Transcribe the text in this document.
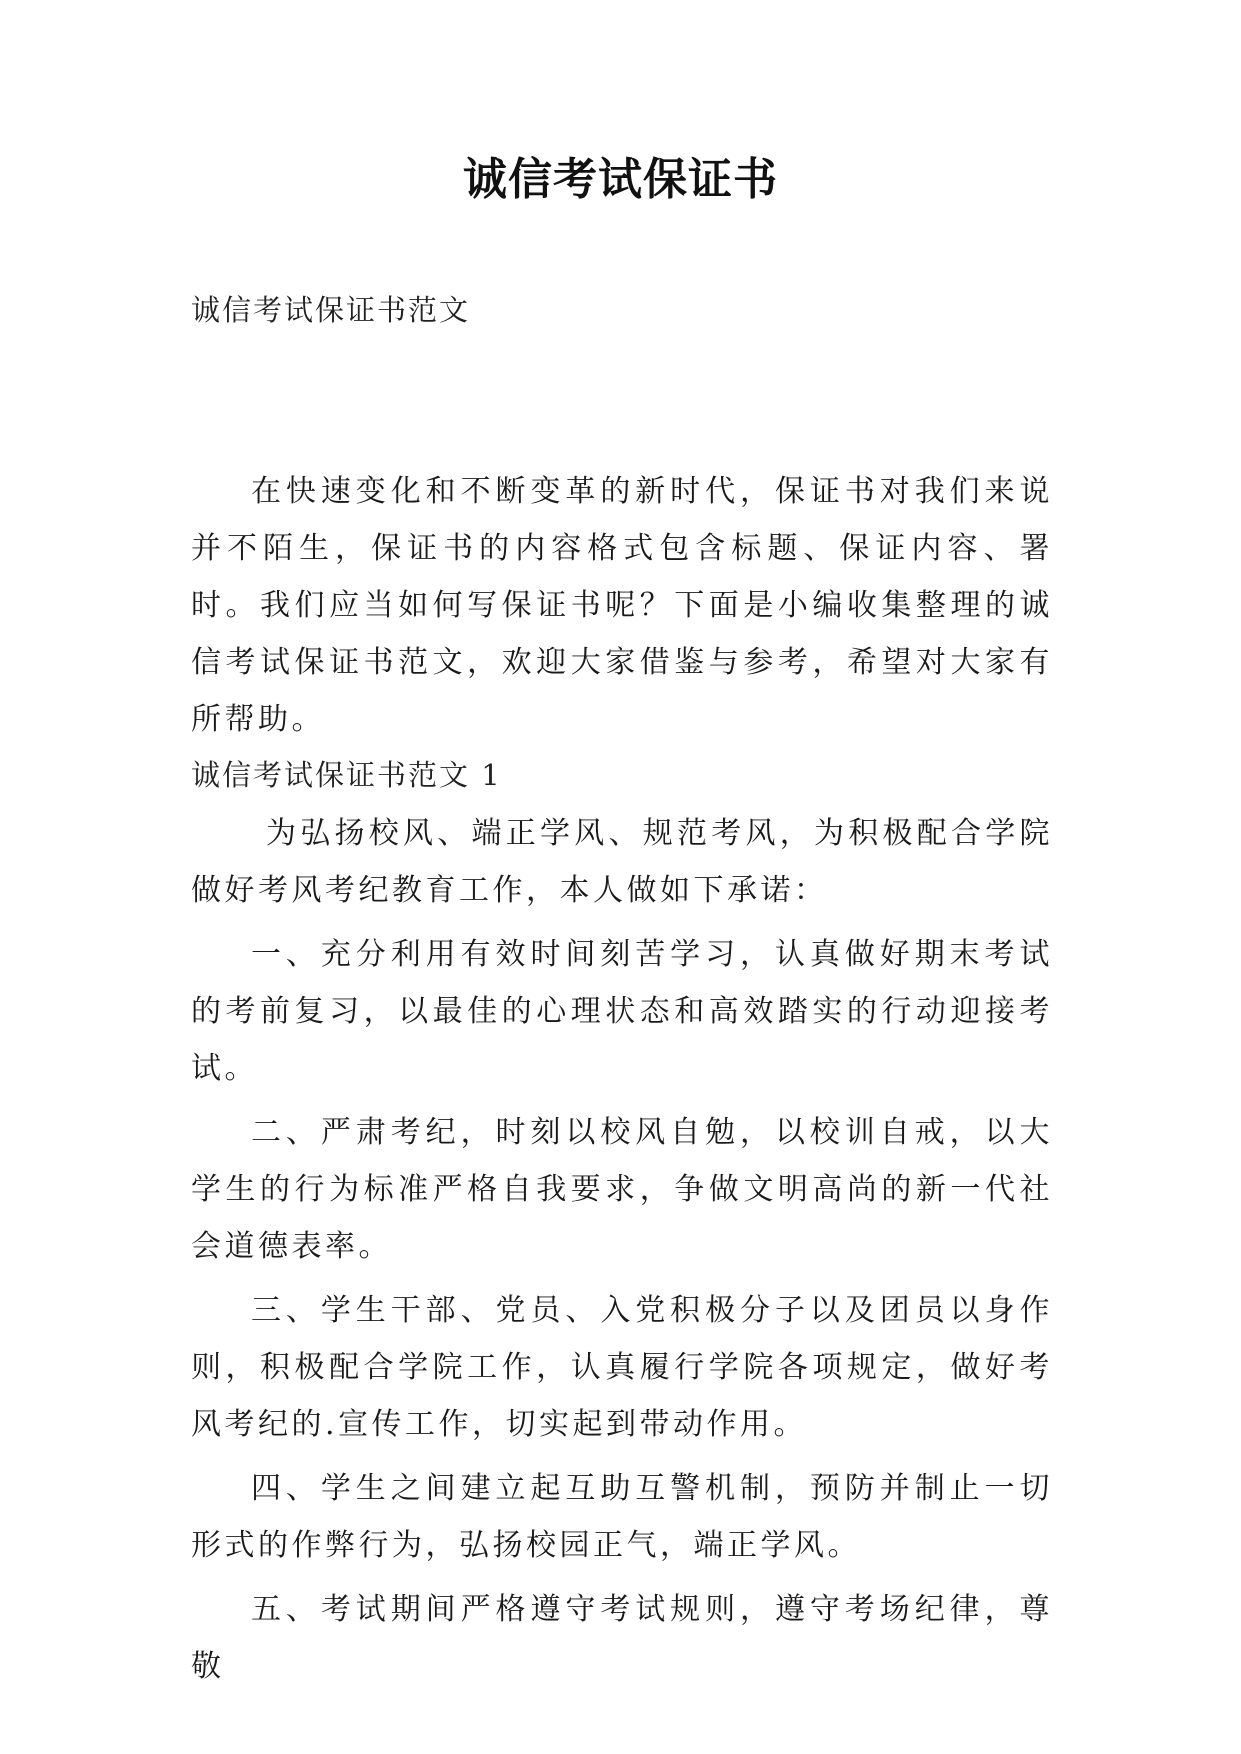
诚信考试保证书
诚信考试保证书范文

在快速变化和不断变革的新时代，保证书对我们来说并不陌生，保证书的内容格式包含标题、保证内容、署时。我们应当如何写保证书呢？下面是小编收集整理的诚信考试保证书范文，欢迎大家借鉴与参考，希望对大家有所帮助。

诚信考试保证书范文 1

为弘扬校风、端正学风、规范考风，为积极配合学院做好考风考纪教育工作，本人做如下承诺：

一、充分利用有效时间刻苦学习，认真做好期末考试的考前复习，以最佳的心理状态和高效踏实的行动迎接考试。

二、严肃考纪，时刻以校风自勉，以校训自戒，以大学生的行为标准严格自我要求，争做文明高尚的新一代社会道德表率。

三、学生干部、党员、入党积极分子以及团员以身作则，积极配合学院工作，认真履行学院各项规定，做好考风考纪的.宣传工作，切实起到带动作用。

四、学生之间建立起互助互警机制，预防并制止一切形式的作弊行为，弘扬校园正气，端正学风。

五、考试期间严格遵守考试规则，遵守考场纪律，尊敬
